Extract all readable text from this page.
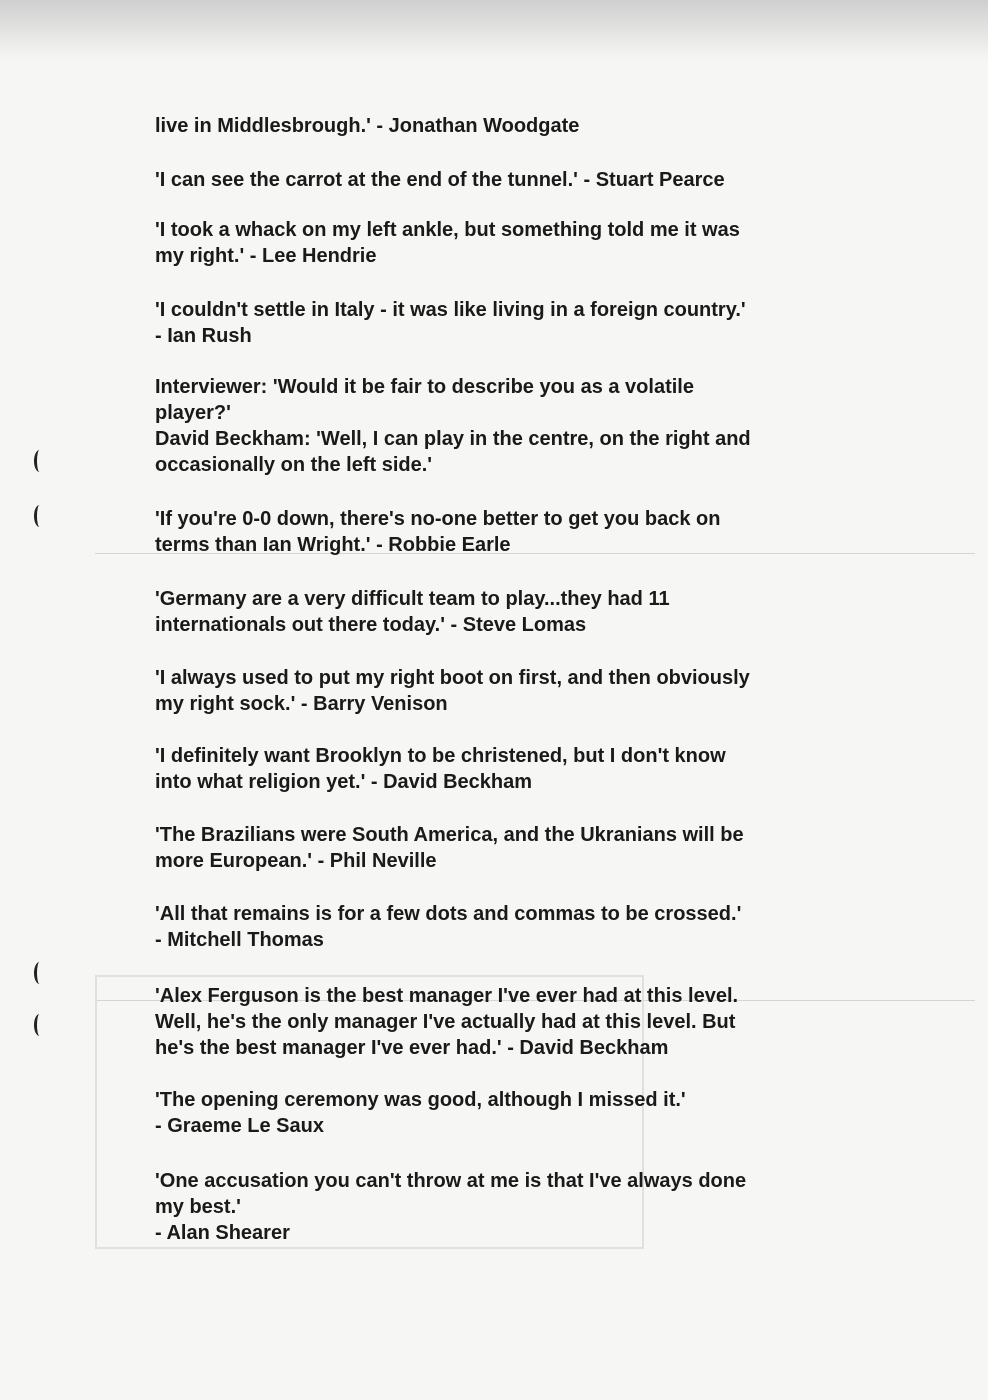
live in Middlesbrough.' - Jonathan Woodgate

'I can see the carrot at the end of the tunnel.' - Stuart Pearce

'I took a whack on my left ankle, but something told me it was
my right.' - Lee Hendrie

'I couldn't settle in Italy - it was like living in a foreign country.'
- Ian Rush

Interviewer: 'Would it be fair to describe you as a volatile
player?'
David Beckham: 'Well, I can play in the centre, on the right and
occasionally on the left side.'

'If you're 0-0 down, there's no-one better to get you back on
terms than Ian Wright.' - Robbie Earle

'Germany are a very difficult team to play...they had 11
internationals out there today.' - Steve Lomas

'I always used to put my right boot on first, and then obviously
my right sock.' - Barry Venison

'I definitely want Brooklyn to be christened, but I don't know
into what religion yet.' - David Beckham

'The Brazilians were South America, and the Ukranians will be
more European.' - Phil Neville

'All that remains is for a few dots and commas to be crossed.'
- Mitchell Thomas

'Alex Ferguson is the best manager I've ever had at this level.
Well, he's the only manager I've actually had at this level. But
he's the best manager I've ever had.' - David Beckham

'The opening ceremony was good, although I missed it.'
- Graeme Le Saux

'One accusation you can't throw at me is that I've always done
my best.'
- Alan Shearer
